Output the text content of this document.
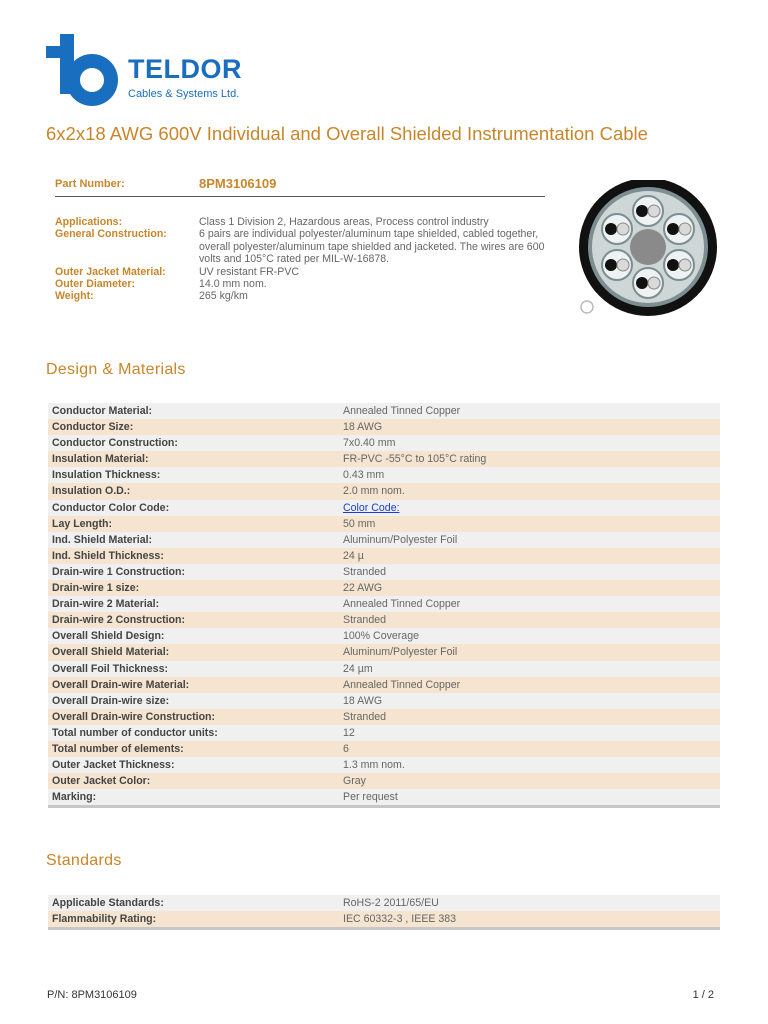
TELDOR
Cables & Systems Ltd.
6x2x18 AWG 600V Individual and Overall Shielded Instrumentation Cable
Part Number:	8PM3106109
Applications:	Class 1 Division 2, Hazardous areas, Process control industry
General Construction:	6 pairs are individual polyester/aluminum tape shielded, cabled together, overall polyester/aluminum tape shielded and jacketed. The wires are 600 volts and 105°C rated per MIL-W-16878.
Outer Jacket Material:	UV resistant FR-PVC
Outer Diameter:	14.0 mm nom.
Weight:	265 kg/km
Design & Materials
Conductor Material:	Annealed Tinned Copper
Conductor Size:	18 AWG
Conductor Construction:	7x0.40 mm
Insulation Material:	FR-PVC -55°C to 105°C rating
Insulation Thickness:	0.43 mm
Insulation O.D.:	2.0 mm nom.
Conductor Color Code:	Color Code:
Lay Length:	50 mm
Ind. Shield Material:	Aluminum/Polyester Foil
Ind. Shield Thickness:	24 µ
Drain-wire 1 Construction:	Stranded
Drain-wire 1 size:	22 AWG
Drain-wire 2 Material:	Annealed Tinned Copper
Drain-wire 2 Construction:	Stranded
Overall Shield Design:	100% Coverage
Overall Shield Material:	Aluminum/Polyester Foil
Overall Foil Thickness:	24 µm
Overall Drain-wire Material:	Annealed Tinned Copper
Overall Drain-wire size:	18 AWG
Overall Drain-wire Construction:	Stranded
Total number of conductor units:	12
Total number of elements:	6
Outer Jacket Thickness:	1.3 mm nom.
Outer Jacket Color:	Gray
Marking:	Per request
Standards
Applicable Standards:	RoHS-2 2011/65/EU
Flammability Rating:	IEC 60332-3 , IEEE 383
P/N: 8PM3106109	1 / 2
